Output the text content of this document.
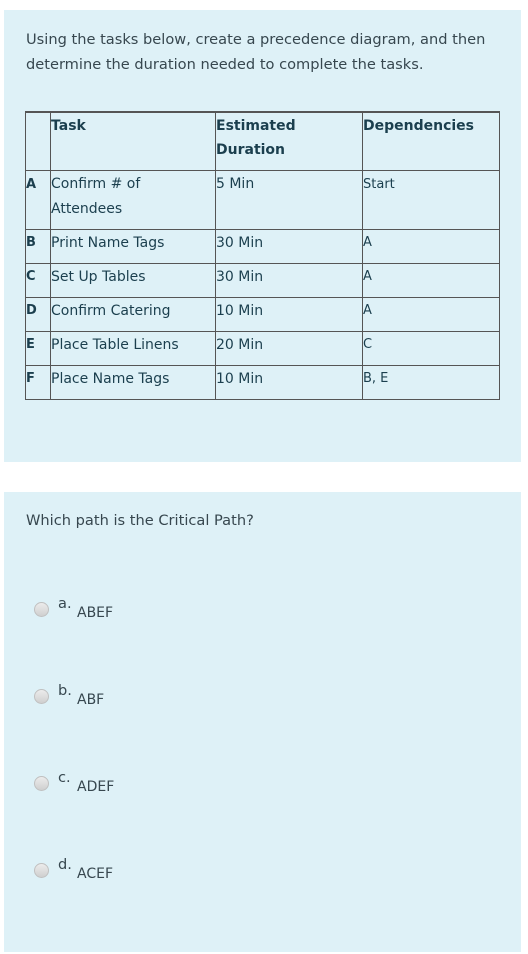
Using the tasks below, create a precedence diagram, and then determine the duration needed to complete the tasks.

	Task	Estimated Duration	Dependencies
A	Confirm # of Attendees	5 Min	Start
B	Print Name Tags	30 Min	A
C	Set Up Tables	30 Min	A
D	Confirm Catering	10 Min	A
E	Place Table Linens	20 Min	C
F	Place Name Tags	10 Min	B, E

Which path is the Critical Path?

a.
ABEF
b.
ABF
c.
ADEF
d.
ACEF
